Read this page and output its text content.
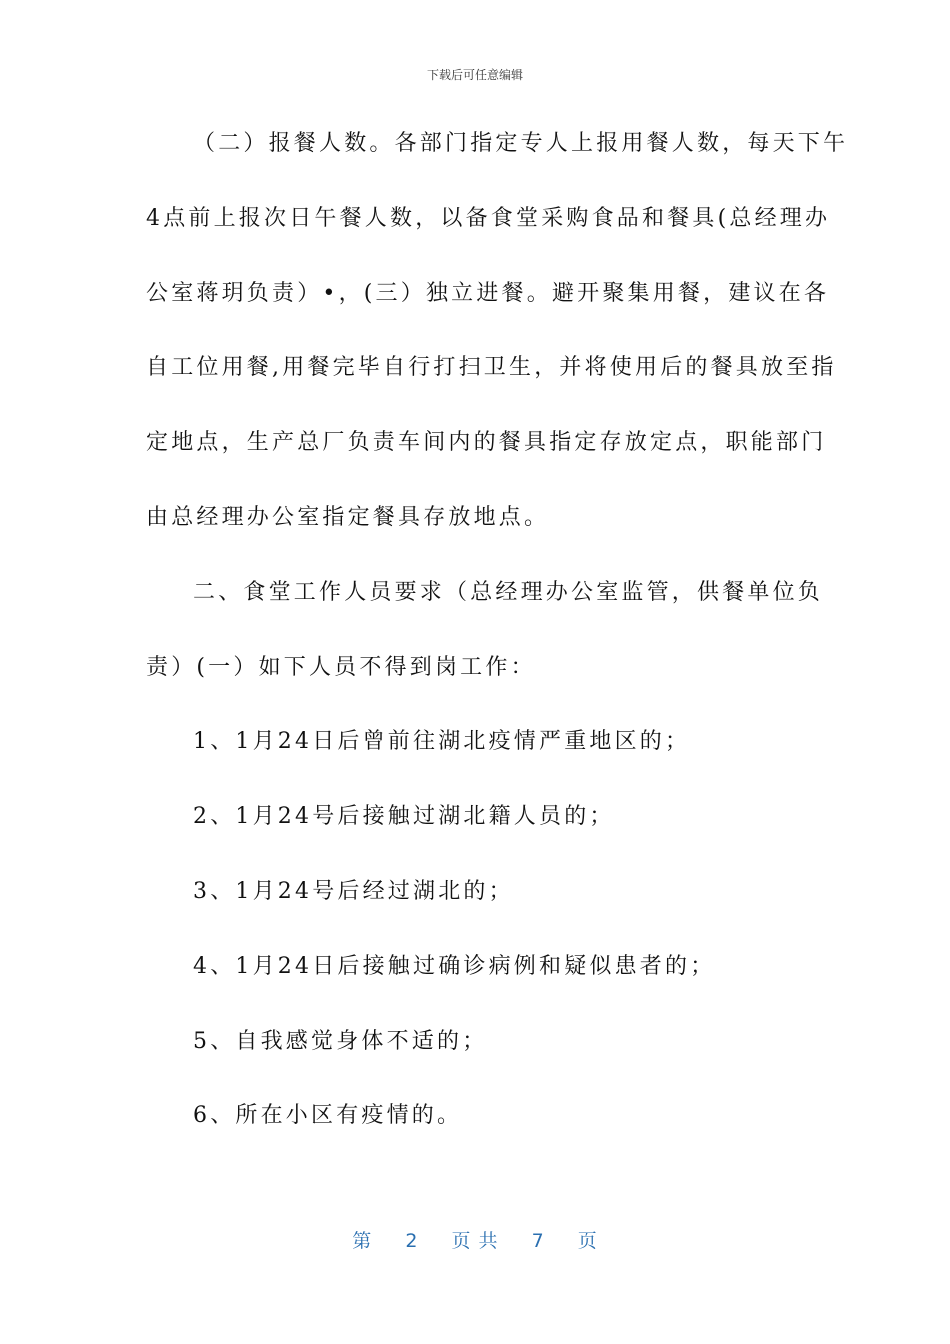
下载后可任意编辑
（二）报餐人数。各部门指定专人上报用餐人数，每天下午
4点前上报次日午餐人数，以备食堂采购食品和餐具(总经理办
公室蒋玥负责）•，(三）独立进餐。避开聚集用餐，建议在各
自工位用餐,用餐完毕自行打扫卫生，并将使用后的餐具放至指
定地点，生产总厂负责车间内的餐具指定存放定点，职能部门
由总经理办公室指定餐具存放地点。
二、食堂工作人员要求（总经理办公室监管，供餐单位负
责）(一）如下人员不得到岗工作：
1、1月24日后曾前往湖北疫情严重地区的；
2、1月24号后接触过湖北籍人员的；
3、1月24号后经过湖北的；
4、1月24日后接触过确诊病例和疑似患者的；
5、自我感觉身体不适的；
6、所在小区有疫情的。
第 2 页 共 7 页
